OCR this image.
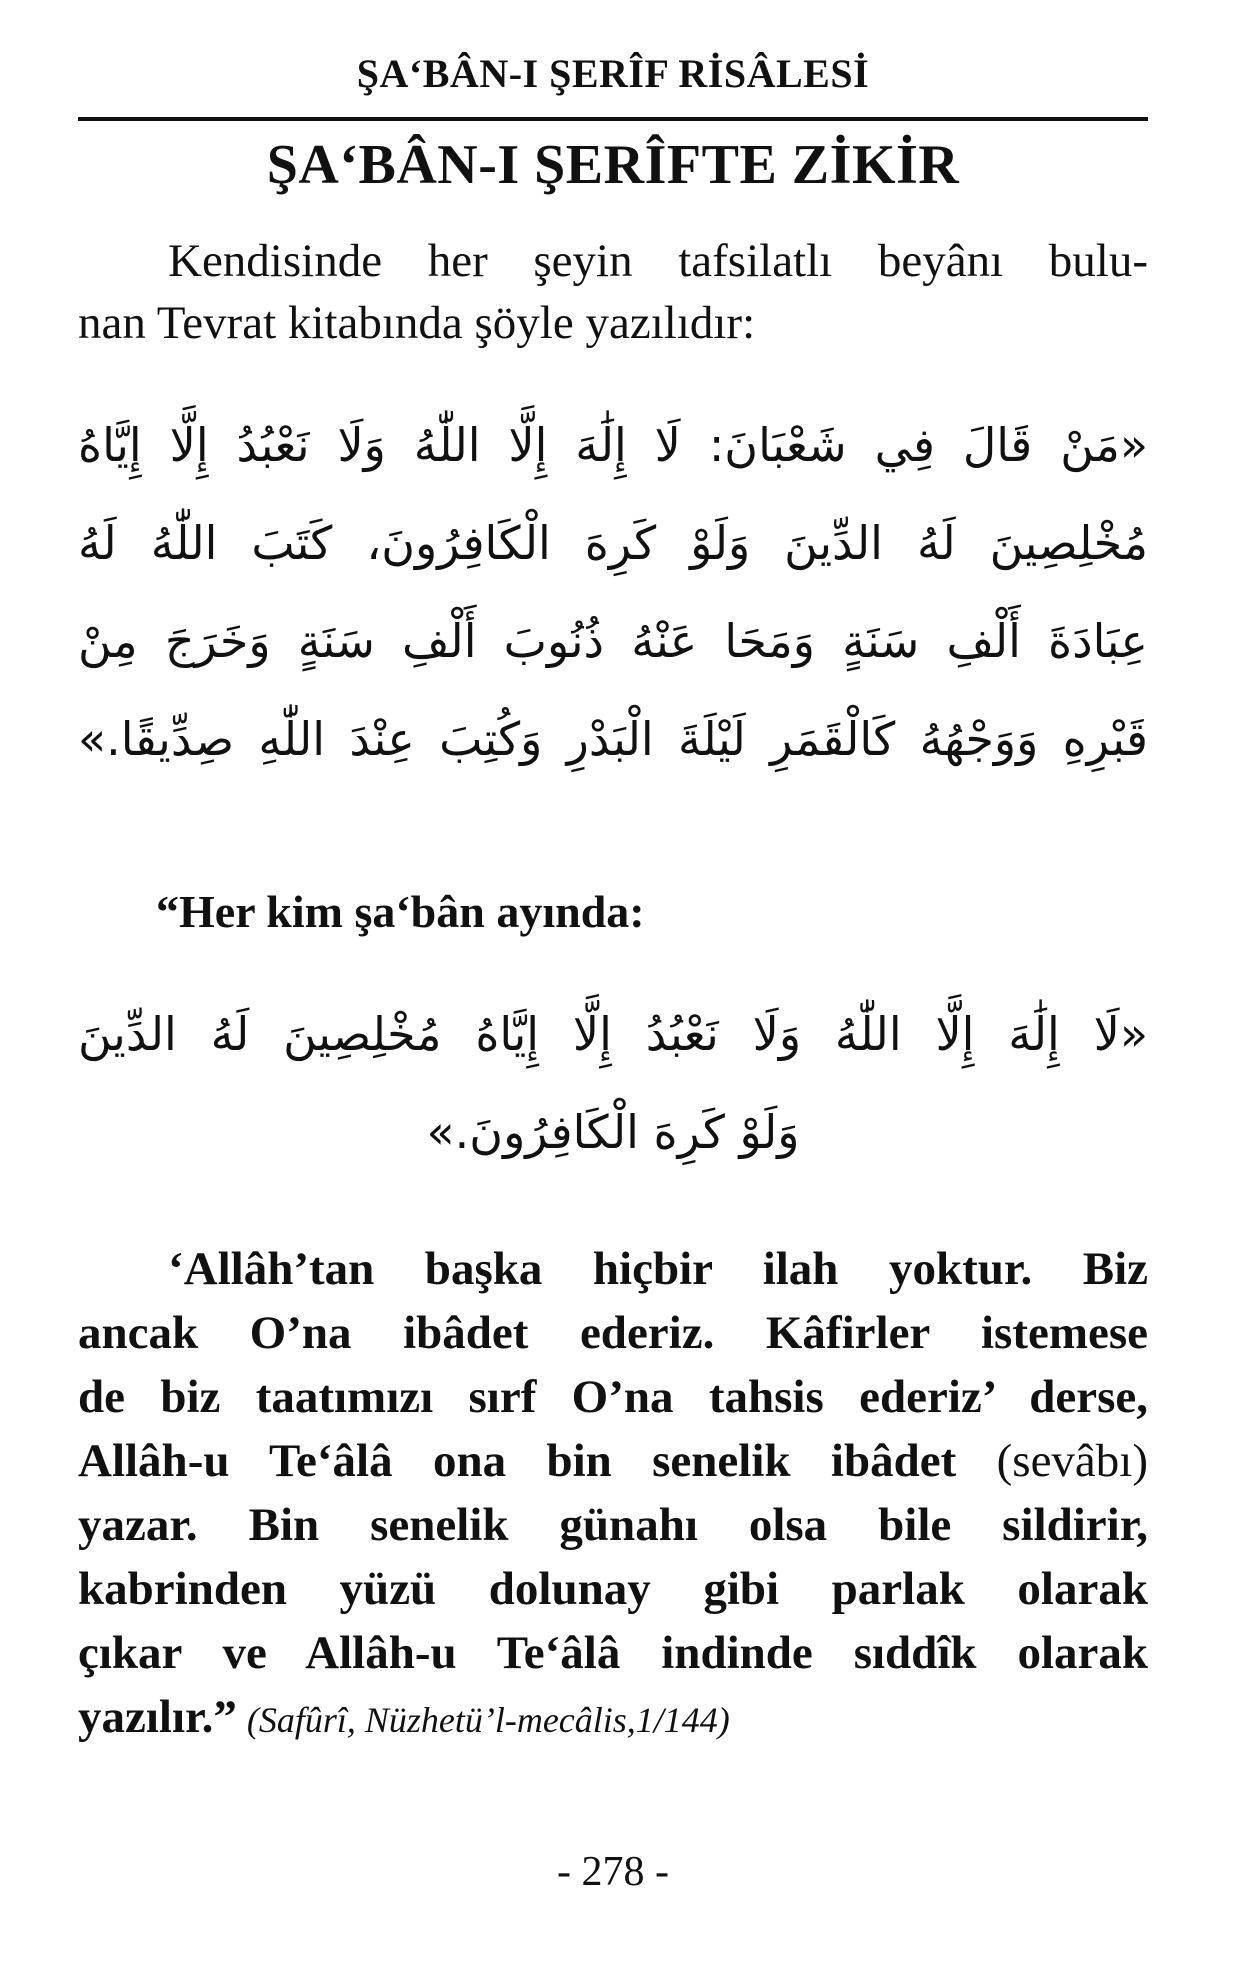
ŞA‘BÂN-I ŞERÎF RİSÂLESİ
ŞA‘BÂN-I ŞERÎFTE ZİKİR
Kendisinde her şeyin tafsilatlı beyânı bulu-
nan Tevrat kitabında şöyle yazılıdır:
«مَنْ قَالَ فِي شَعْبَانَ: لَا إِلَٰهَ إِلَّا اللّٰهُ وَلَا نَعْبُدُ إِلَّا إِيَّاهُ
مُخْلِصِينَ لَهُ الدِّينَ وَلَوْ كَرِهَ الْكَافِرُونَ، كَتَبَ اللّٰهُ لَهُ
عِبَادَةَ أَلْفِ سَنَةٍ وَمَحَا عَنْهُ ذُنُوبَ أَلْفِ سَنَةٍ وَخَرَجَ مِنْ
قَبْرِهِ وَوَجْهُهُ كَالْقَمَرِ لَيْلَةَ الْبَدْرِ وَكُتِبَ عِنْدَ اللّٰهِ صِدِّيقًا.»
“Her kim şa‘bân ayında:
«لَا إِلَٰهَ إِلَّا اللّٰهُ وَلَا نَعْبُدُ إِلَّا إِيَّاهُ مُخْلِصِينَ لَهُ الدِّينَ
وَلَوْ كَرِهَ الْكَافِرُونَ.»
‘Allâh’tan başka hiçbir ilah yoktur. Biz
ancak O’na ibâdet ederiz. Kâfirler istemese
de biz taatımızı sırf O’na tahsis ederiz’ derse,
Allâh-u Te‘âlâ ona bin senelik ibâdet (sevâbı)
yazar. Bin senelik günahı olsa bile sildirir,
kabrinden yüzü dolunay gibi parlak olarak
çıkar ve Allâh-u Te‘âlâ indinde sıddîk olarak
yazılır.” (Safûrî, Nüzhetü’l-mecâlis,1/144)
- 278 -
